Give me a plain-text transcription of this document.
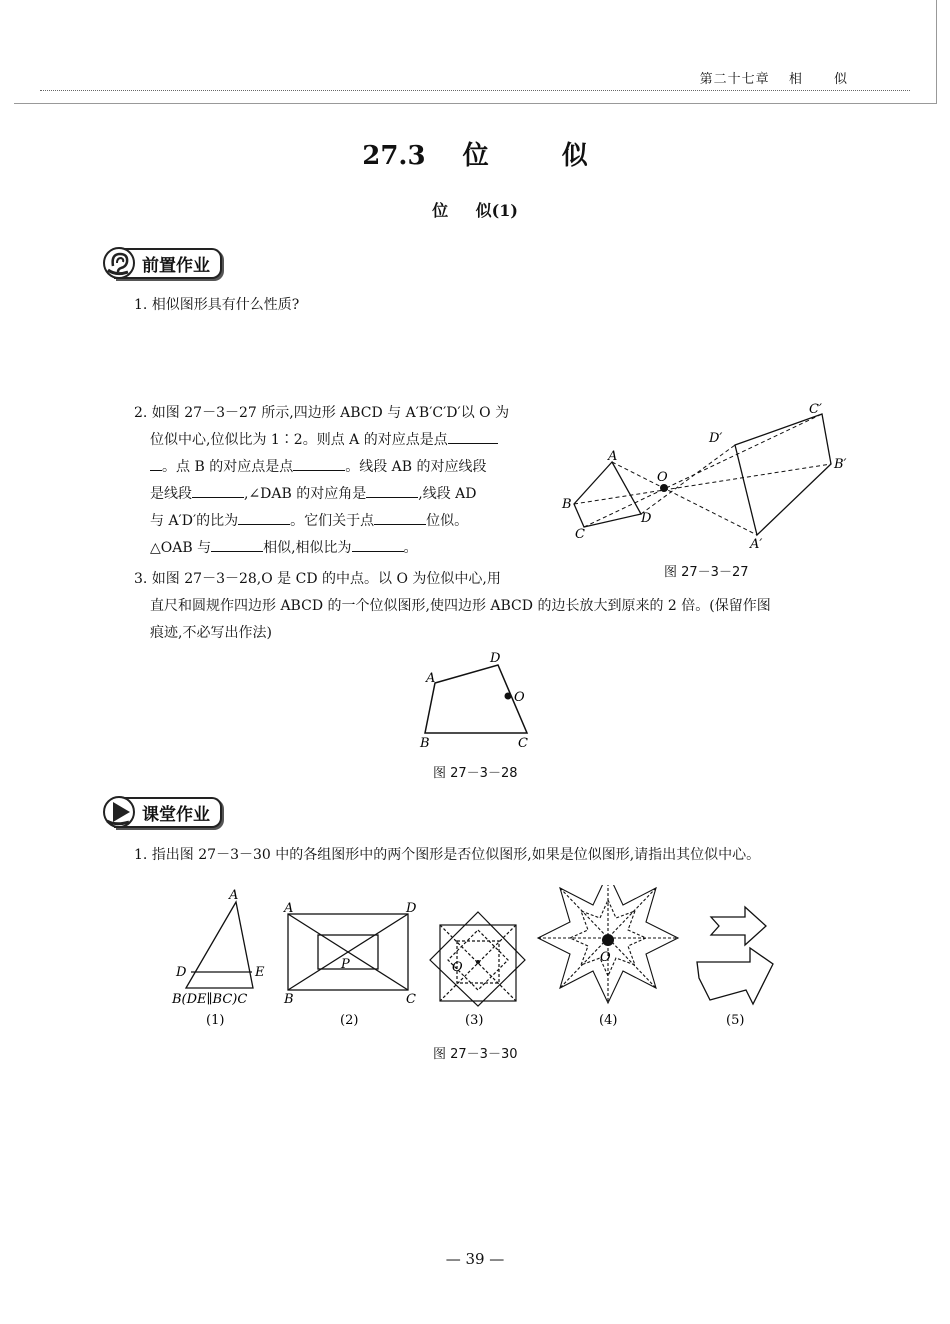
第二十七章 相 似
27.3 位	似
位 似(1)
前置作业
1. 相似图形具有什么性质?
2. 如图 27－3－27 所示,四边形 ABCD 与 A′B′C′D′以 O 为
位似中心,位似比为 1∶2。则点 A 的对应点是点
。点 B 的对应点是点	。线段 AB 的对应线段
是线段	,∠DAB 的对应角是	,线段 AD
与 A′D′的比为	。它们关于点	位似。
△OAB 与	相似,相似比为	。
A
B
C
D
O
A′
B′
C′
D′
图 27－3－27
3. 如图 27－3－28,O 是 CD 的中点。以 O 为位似中心,用
直尺和圆规作四边形 ABCD 的一个位似图形,使四边形 ABCD 的边长放大到原来的 2 倍。(保留作图
痕迹,不必写出作法)
A
B	C
D
O
图 27－3－28
课堂作业
1. 指出图 27－3－30 中的各组图形中的两个图形是否位似图形,如果是位似图形,请指出其位似中心。
A
D	E
B(DE∥BC)C
A	D
B	C
P	O
O
(1)	(2)	(3)	(4)	(5)
图 27－3－30
— 39 —
